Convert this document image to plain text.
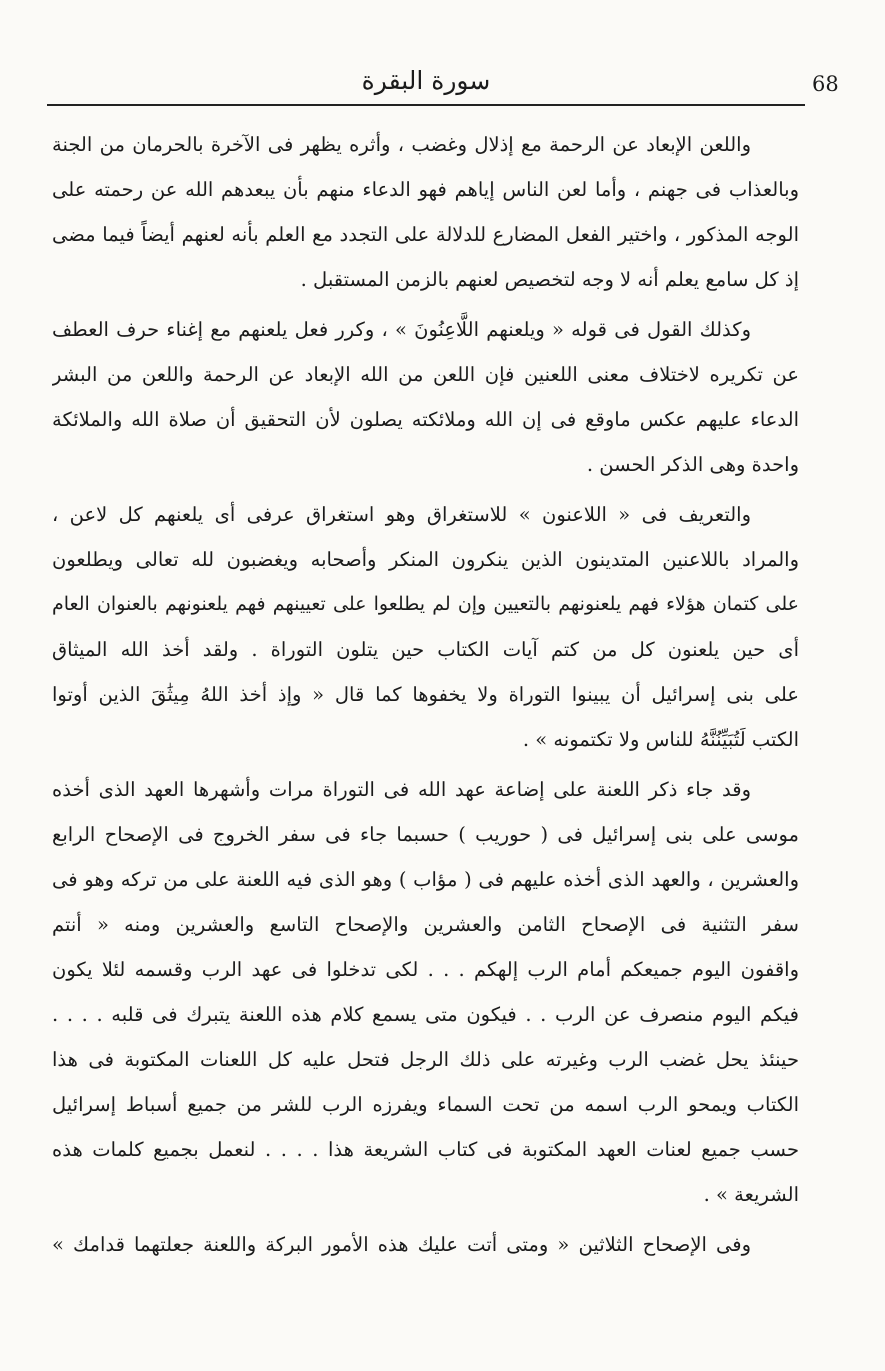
68
سورة البقرة

واللعن الإبعاد عن الرحمة مع إذلال وغضب ، وأثره يظهر فى الآخرة بالحرمان من الجنة
وبالعذاب فى جهنم ، وأما لعن الناس إياهم فهو الدعاء منهم بأن يبعدهم الله عن رحمته على
الوجه المذكور ، واختير الفعل المضارع للدلالة على التجدد مع العلم بأنه لعنهم أيضاً فيما مضى
إذ كل سامع يعلم أنه لا وجه لتخصيص لعنهم بالزمن المستقبل .

وكذلك القول فى قوله « ويلعنهم اللَّاعِنُونَ » ، وكرر فعل يلعنهم مع إغناء حرف العطف
عن تكريره لاختلاف معنى اللعنين فإن اللعن من الله الإبعاد عن الرحمة واللعن من البشر
الدعاء عليهم عكس ماوقع فى إن الله وملائكته يصلون لأن التحقيق أن صلاة الله والملائكة
واحدة وهى الذكر الحسن .

والتعريف فى « اللاعنون » للاستغراق وهو استغراق عرفى أى يلعنهم كل لاعن ،
والمراد باللاعنين المتدينون الذين ينكرون المنكر وأصحابه ويغضبون لله تعالى ويطلعون
على كتمان هؤلاء فهم يلعنونهم بالتعيين وإن لم يطلعوا على تعيينهم فهم يلعنونهم بالعنوان العام
أى حين يلعنون كل من كتم آيات الكتاب حين يتلون التوراة . ولقد أخذ الله الميثاق
على بنى إسرائيل أن يبينوا التوراة ولا يخفوها كما قال « وإذ أخذ اللهُ مِيثَٰقَ الذين أوتوا
الكتب لَتُبَيِّنُنَّهُ للناس ولا تكتمونه » .

وقد جاء ذكر اللعنة على إضاعة عهد الله فى التوراة مرات وأشهرها العهد الذى أخذه
موسى على بنى إسرائيل فى ( حوريب ) حسبما جاء فى سفر الخروج فى الإصحاح الرابع
والعشرين ، والعهد الذى أخذه عليهم فى ( مؤاب ) وهو الذى فيه اللعنة على من تركه وهو فى
سفر التثنية فى الإصحاح الثامن والعشرين والإصحاح التاسع والعشرين ومنه « أنتم
واقفون اليوم جميعكم أمام الرب إلهكم . . . لكى تدخلوا فى عهد الرب وقسمه لئلا يكون
فيكم اليوم منصرف عن الرب . . فيكون متى يسمع كلام هذه اللعنة يتبرك فى قلبه . . . .
حينئذ يحل غضب الرب وغيرته على ذلك الرجل فتحل عليه كل اللعنات المكتوبة فى هذا
الكتاب ويمحو الرب اسمه من تحت السماء ويفرزه الرب للشر من جميع أسباط إسرائيل
حسب جميع لعنات العهد المكتوبة فى كتاب الشريعة هذا . . . . لنعمل بجميع كلمات هذه
الشريعة » .

وفى الإصحاح الثلاثين « ومتى أتت عليك هذه الأمور البركة واللعنة جعلتهما قدامك »
